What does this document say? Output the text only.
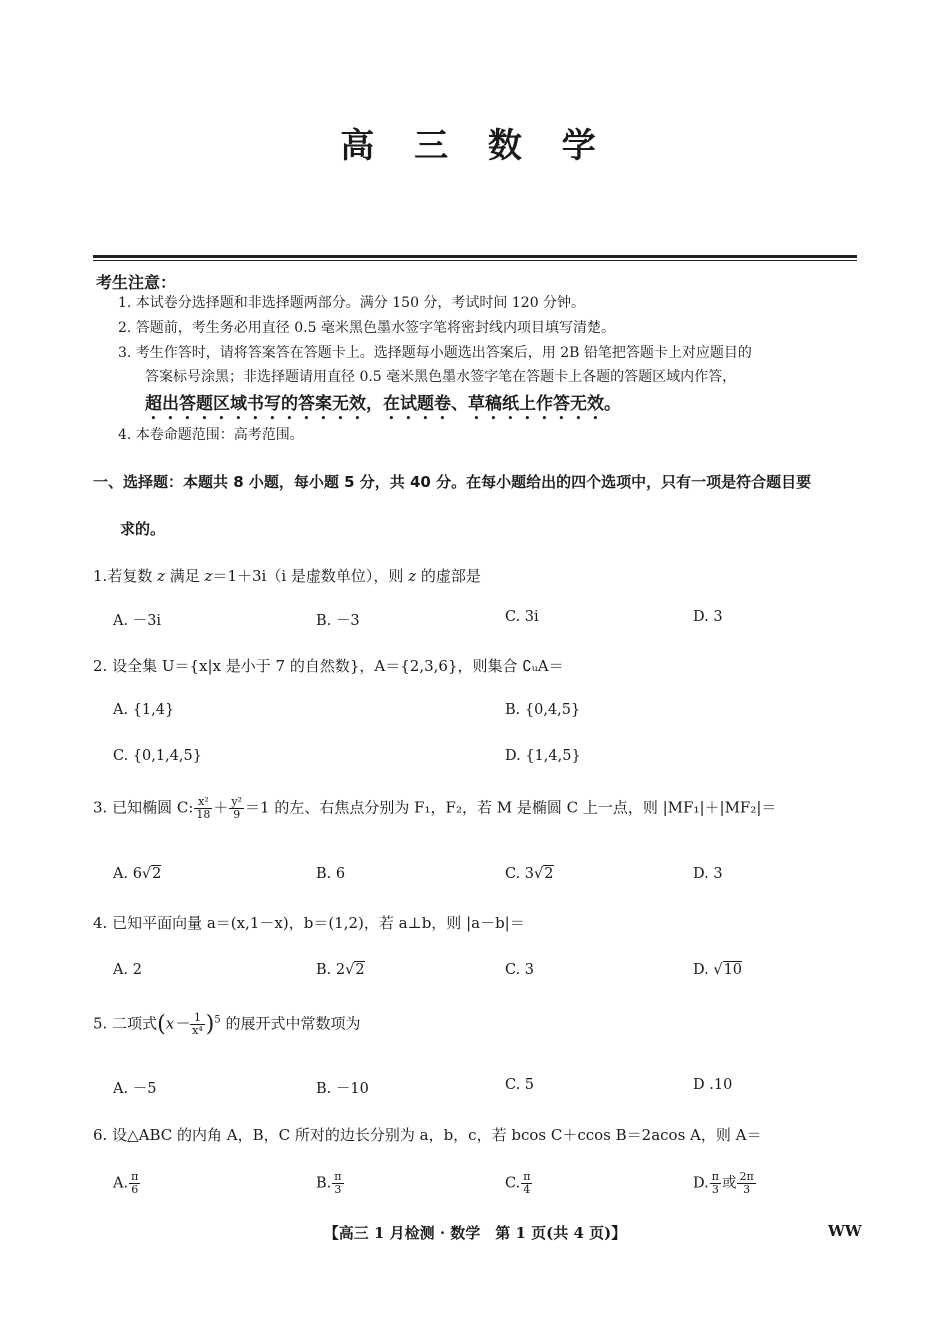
高 三 数 学
考生注意：
1. 本试卷分选择题和非选择题两部分。满分 150 分，考试时间 120 分钟。
2. 答题前，考生务必用直径 0.5 毫米黑色墨水签字笔将密封线内项目填写清楚。
3. 考生作答时，请将答案答在答题卡上。选择题每小题选出答案后，用 2B 铅笔把答题卡上对应题目的
答案标号涂黑；非选择题请用直径 0.5 毫米黑色墨水签字笔在答题卡上各题的答题区域内作答，
超出答题区域书写的答案无效，在试题卷、草稿纸上作答无效。
4. 本卷命题范围：高考范围。
一、选择题：本题共 8 小题，每小题 5 分，共 40 分。在每小题给出的四个选项中，只有一项是符合题目要
求的。
1.若复数 z 满足 z＝1＋3i（i 是虚数单位），则 z 的虚部是
A. －3i	B. －3	C. 3i	D. 3
2. 设全集 U＝{x|x 是小于 7 的自然数}，A＝{2,3,6}，则集合 ∁ᵤA＝
A. {1,4}	B. {0,4,5}
C. {0,1,4,5}	D. {1,4,5}
3. 已知椭圆 C: $\frac{\text{x²}}{18} + \frac{\text{y²}}{9} =1$ 的左、右焦点分别为 F₁，F₂，若 M 是椭圆 C 上一点，则 |MF₁|＋|MF₂|＝
A. 6√2	B. 6	C. 3√2	D. 3
4. 已知平面向量 a＝(x,1－x)，b＝(1,2)，若 a⊥b，则 |a－b|＝
A. 2	B. 2√2	C. 3	D. √10
5. 二项式$(x- \frac{1}{\text{x⁴}} )^5$ 的展开式中常数项为
A. －5	B. －10	C. 5	D .10
6. 设△ABC 的内角 A，B，C 所对的边长分别为 a，b，c，若 bcos C＋ccos B＝2acos A，则 A＝
A. $\frac{\pi}{6}$	B. $\frac{\pi}{3}$	C. $\frac{\pi}{4}$	D. $\frac{\pi}{3}$ 或 $\frac{2\pi}{3}$
【高三 1 月检测 · 数学　第 1 页(共 4 页)】	WW
